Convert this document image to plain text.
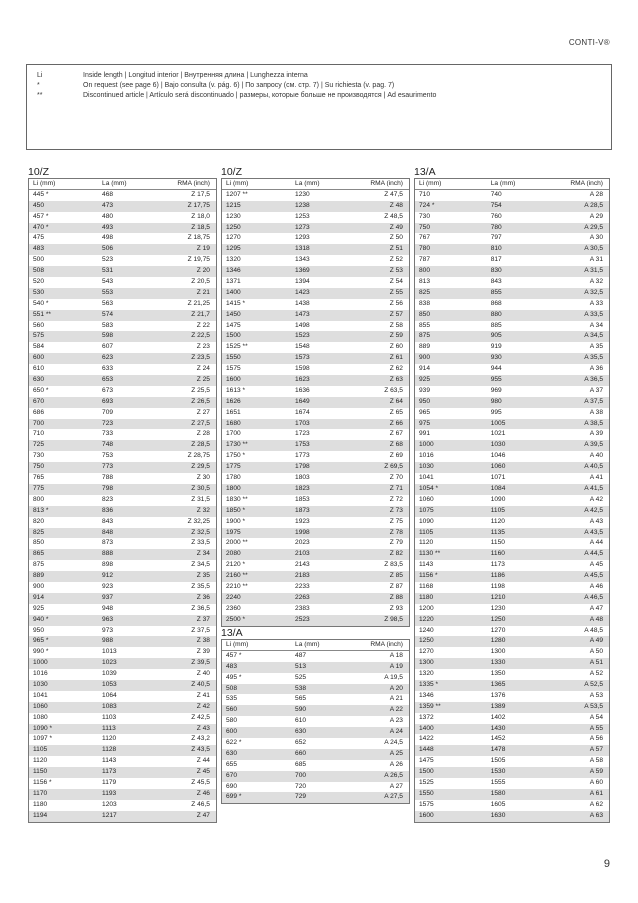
CONTI-V®
Li	Inside length | Longitud interior | Внутренняя длина | Lunghezza interna
*	On request (see page 6) | Bajo consulta (v. pág. 6) | По запросу (см. стр. 7) | Su richiesta (v. pag. 7)
**	Discontinued article | Artículo será discontinuado | размеры, которые больше не производятся | Ad esaurimento
10/Z
Li (mm)	La (mm)	RMA (inch)
445 *	468	Z 17,5
450	473	Z 17,75
457 *	480	Z 18,0
470 *	493	Z 18,5
475	498	Z 18,75
483	506	Z 19
500	523	Z 19,75
508	531	Z 20
520	543	Z 20,5
530	553	Z 21
540 *	563	Z 21,25
551 **	574	Z 21,7
560	583	Z 22
575	598	Z 22,5
584	607	Z 23
600	623	Z 23,5
610	633	Z 24
630	653	Z 25
650 *	673	Z 25,5
670	693	Z 26,5
686	709	Z 27
700	723	Z 27,5
710	733	Z 28
725	748	Z 28,5
730	753	Z 28,75
750	773	Z 29,5
765	788	Z 30
775	798	Z 30,5
800	823	Z 31,5
813 *	836	Z 32
820	843	Z 32,25
825	848	Z 32,5
850	873	Z 33,5
865	888	Z 34
875	898	Z 34,5
889	912	Z 35
900	923	Z 35,5
914	937	Z 36
925	948	Z 36,5
940 *	963	Z 37
950	973	Z 37,5
965 *	988	Z 38
990 *	1013	Z 39
1000	1023	Z 39,5
1016	1039	Z 40
1030	1053	Z 40,5
1041	1064	Z 41
1060	1083	Z 42
1080	1103	Z 42,5
1090 *	1113	Z 43
1097 *	1120	Z 43,2
1105	1128	Z 43,5
1120	1143	Z 44
1150	1173	Z 45
1156 *	1179	Z 45,5
1170	1193	Z 46
1180	1203	Z 46,5
1194	1217	Z 47
10/Z
Li (mm)	La (mm)	RMA (inch)
1207 **	1230	Z 47,5
1215	1238	Z 48
1230	1253	Z 48,5
1250	1273	Z 49
1270	1293	Z 50
1295	1318	Z 51
1320	1343	Z 52
1346	1369	Z 53
1371	1394	Z 54
1400	1423	Z 55
1415 *	1438	Z 56
1450	1473	Z 57
1475	1498	Z 58
1500	1523	Z 59
1525 **	1548	Z 60
1550	1573	Z 61
1575	1598	Z 62
1600	1623	Z 63
1613 *	1636	Z 63,5
1626	1649	Z 64
1651	1674	Z 65
1680	1703	Z 66
1700	1723	Z 67
1730 **	1753	Z 68
1750 *	1773	Z 69
1775	1798	Z 69,5
1780	1803	Z 70
1800	1823	Z 71
1830 **	1853	Z 72
1850 *	1873	Z 73
1900 *	1923	Z 75
1975	1998	Z 78
2000 **	2023	Z 79
2080	2103	Z 82
2120 *	2143	Z 83,5
2160 **	2183	Z 85
2210 **	2233	Z 87
2240	2263	Z 88
2360	2383	Z 93
2500 *	2523	Z 98,5
13/A
Li (mm)	La (mm)	RMA (inch)
457 *	487	A 18
483	513	A 19
495 *	525	A 19,5
508	538	A 20
535	565	A 21
560	590	A 22
580	610	A 23
600	630	A 24
622 *	652	A 24,5
630	660	A 25
655	685	A 26
670	700	A 26,5
690	720	A 27
699 *	729	A 27,5
13/A
Li (mm)	La (mm)	RMA (inch)
710	740	A 28
724 *	754	A 28,5
730	760	A 29
750	780	A 29,5
767	797	A 30
780	810	A 30,5
787	817	A 31
800	830	A 31,5
813	843	A 32
825	855	A 32,5
838	868	A 33
850	880	A 33,5
855	885	A 34
875	905	A 34,5
889	919	A 35
900	930	A 35,5
914	944	A 36
925	955	A 36,5
939	969	A 37
950	980	A 37,5
965	995	A 38
975	1005	A 38,5
991	1021	A 39
1000	1030	A 39,5
1016	1046	A 40
1030	1060	A 40,5
1041	1071	A 41
1054 *	1084	A 41,5
1060	1090	A 42
1075	1105	A 42,5
1090	1120	A 43
1105	1135	A 43,5
1120	1150	A 44
1130 **	1160	A 44,5
1143	1173	A 45
1156 *	1186	A 45,5
1168	1198	A 46
1180	1210	A 46,5
1200	1230	A 47
1220	1250	A 48
1240	1270	A 48,5
1250	1280	A 49
1270	1300	A 50
1300	1330	A 51
1320	1350	A 52
1335 *	1365	A 52,5
1346	1376	A 53
1359 **	1389	A 53,5
1372	1402	A 54
1400	1430	A 55
1422	1452	A 56
1448	1478	A 57
1475	1505	A 58
1500	1530	A 59
1525	1555	A 60
1550	1580	A 61
1575	1605	A 62
1600	1630	A 63
9
